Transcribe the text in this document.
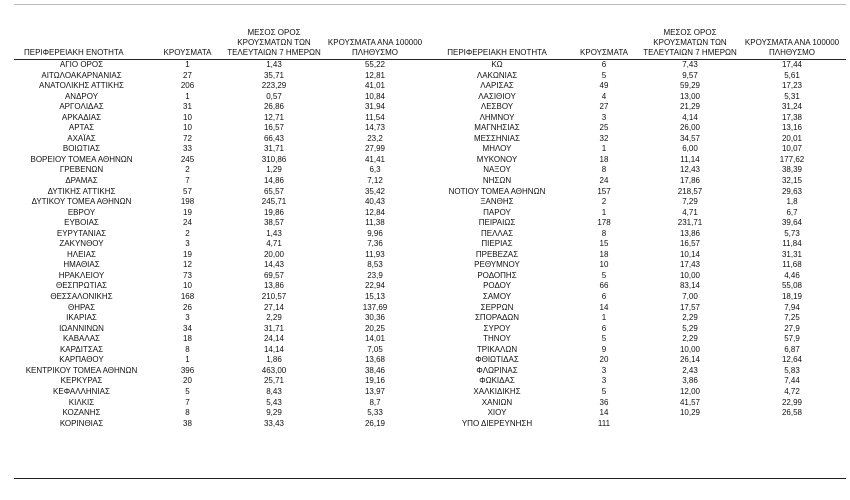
ΠΕΡΙΦΕΡΕΙΑΚΗ ΕΝΟΤΗΤΑ	ΚΡΟΥΣΜΑΤΑ	ΜΕΣΟΣ ΟΡΟΣ
ΚΡΟΥΣΜΑΤΩΝ ΤΩΝ
ΤΕΛΕΥΤΑΙΩΝ 7 ΗΜΕΡΩΝ	ΚΡΟΥΣΜΑΤΑ ΑΝΑ 100000
ΠΛΗΘΥΣΜΟ	ΠΕΡΙΦΕΡΕΙΑΚΗ ΕΝΟΤΗΤΑ	ΚΡΟΥΣΜΑΤΑ	ΜΕΣΟΣ ΟΡΟΣ
ΚΡΟΥΣΜΑΤΩΝ ΤΩΝ
ΤΕΛΕΥΤΑΙΩΝ 7 ΗΜΕΡΩΝ	ΚΡΟΥΣΜΑΤΑ ΑΝΑ 100000
ΠΛΗΘΥΣΜΟ
ΑΓΙΟ ΟΡΟΣ	1	1,43	55,22	ΚΩ	6	7,43	17,44
ΑΙΤΩΛΟΑΚΑΡΝΑΝΙΑΣ	27	35,71	12,81	ΛΑΚΩΝΙΑΣ	5	9,57	5,61
ΑΝΑΤΟΛΙΚΗΣ ΑΤΤΙΚΗΣ	206	223,29	41,01	ΛΑΡΙΣΑΣ	49	59,29	17,23
ΑΝΔΡΟΥ	1	0,57	10,84	ΛΑΣΙΘΙΟΥ	4	13,00	5,31
ΑΡΓΟΛΙΔΑΣ	31	26,86	31,94	ΛΕΣΒΟΥ	27	21,29	31,24
ΑΡΚΑΔΙΑΣ	10	12,71	11,54	ΛΗΜΝΟΥ	3	4,14	17,38
ΑΡΤΑΣ	10	16,57	14,73	ΜΑΓΝΗΣΙΑΣ	25	26,00	13,16
ΑΧΑΪΑΣ	72	66,43	23,2	ΜΕΣΣΗΝΙΑΣ	32	34,57	20,01
ΒΟΙΩΤΙΑΣ	33	31,71	27,99	ΜΗΛΟΥ	1	6,00	10,07
ΒΟΡΕΙΟΥ ΤΟΜΕΑ ΑΘΗΝΩΝ	245	310,86	41,41	ΜΥΚΟΝΟΥ	18	11,14	177,62
ΓΡΕΒΕΝΩΝ	2	1,29	6,3	ΝΑΞΟΥ	8	12,43	38,39
ΔΡΑΜΑΣ	7	14,86	7,12	ΝΗΣΩΝ	24	17,86	32,15
ΔΥΤΙΚΗΣ ΑΤΤΙΚΗΣ	57	65,57	35,42	ΝΟΤΙΟΥ ΤΟΜΕΑ ΑΘΗΝΩΝ	157	218,57	29,63
ΔΥΤΙΚΟΥ ΤΟΜΕΑ ΑΘΗΝΩΝ	198	245,71	40,43	ΞΑΝΘΗΣ	2	7,29	1,8
ΕΒΡΟΥ	19	19,86	12,84	ΠΑΡΟΥ	1	4,71	6,7
ΕΥΒΟΙΑΣ	24	38,57	11,38	ΠΕΙΡΑΙΩΣ	178	231,71	39,64
ΕΥΡΥΤΑΝΙΑΣ	2	1,43	9,96	ΠΕΛΛΑΣ	8	13,86	5,73
ΖΑΚΥΝΘΟΥ	3	4,71	7,36	ΠΙΕΡΙΑΣ	15	16,57	11,84
ΗΛΕΙΑΣ	19	20,00	11,93	ΠΡΕΒΕΖΑΣ	18	10,14	31,31
ΗΜΑΘΙΑΣ	12	14,43	8,53	ΡΕΘΥΜΝΟΥ	10	17,43	11,68
ΗΡΑΚΛΕΙΟΥ	73	69,57	23,9	ΡΟΔΟΠΗΣ	5	10,00	4,46
ΘΕΣΠΡΩΤΙΑΣ	10	13,86	22,94	ΡΟΔΟΥ	66	83,14	55,08
ΘΕΣΣΑΛΟΝΙΚΗΣ	168	210,57	15,13	ΣΑΜΟΥ	6	7,00	18,19
ΘΗΡΑΣ	26	27,14	137,69	ΣΕΡΡΩΝ	14	17,57	7,94
ΙΚΑΡΙΑΣ	3	2,29	30,36	ΣΠΟΡΑΔΩΝ	1	2,29	7,25
ΙΩΑΝΝΙΝΩΝ	34	31,71	20,25	ΣΥΡΟΥ	6	5,29	27,9
ΚΑΒΑΛΑΣ	18	24,14	14,01	ΤΗΝΟΥ	5	2,29	57,9
ΚΑΡΔΙΤΣΑΣ	8	14,14	7,05	ΤΡΙΚΑΛΩΝ	9	10,00	6,87
ΚΑΡΠΑΘΟΥ	1	1,86	13,68	ΦΘΙΩΤΙΔΑΣ	20	26,14	12,64
ΚΕΝΤΡΙΚΟΥ ΤΟΜΕΑ ΑΘΗΝΩΝ	396	463,00	38,46	ΦΛΩΡΙΝΑΣ	3	2,43	5,83
ΚΕΡΚΥΡΑΣ	20	25,71	19,16	ΦΩΚΙΔΑΣ	3	3,86	7,44
ΚΕΦΑΛΛΗΝΙΑΣ	5	8,43	13,97	ΧΑΛΚΙΔΙΚΗΣ	5	12,00	4,72
ΚΙΛΚΙΣ	7	5,43	8,7	ΧΑΝΙΩΝ	36	41,57	22,99
ΚΟΖΑΝΗΣ	8	9,29	5,33	ΧΙΟΥ	14	10,29	26,58
ΚΟΡΙΝΘΙΑΣ	38	33,43	26,19	ΥΠΟ ΔΙΕΡΕΥΝΗΣΗ	111		
